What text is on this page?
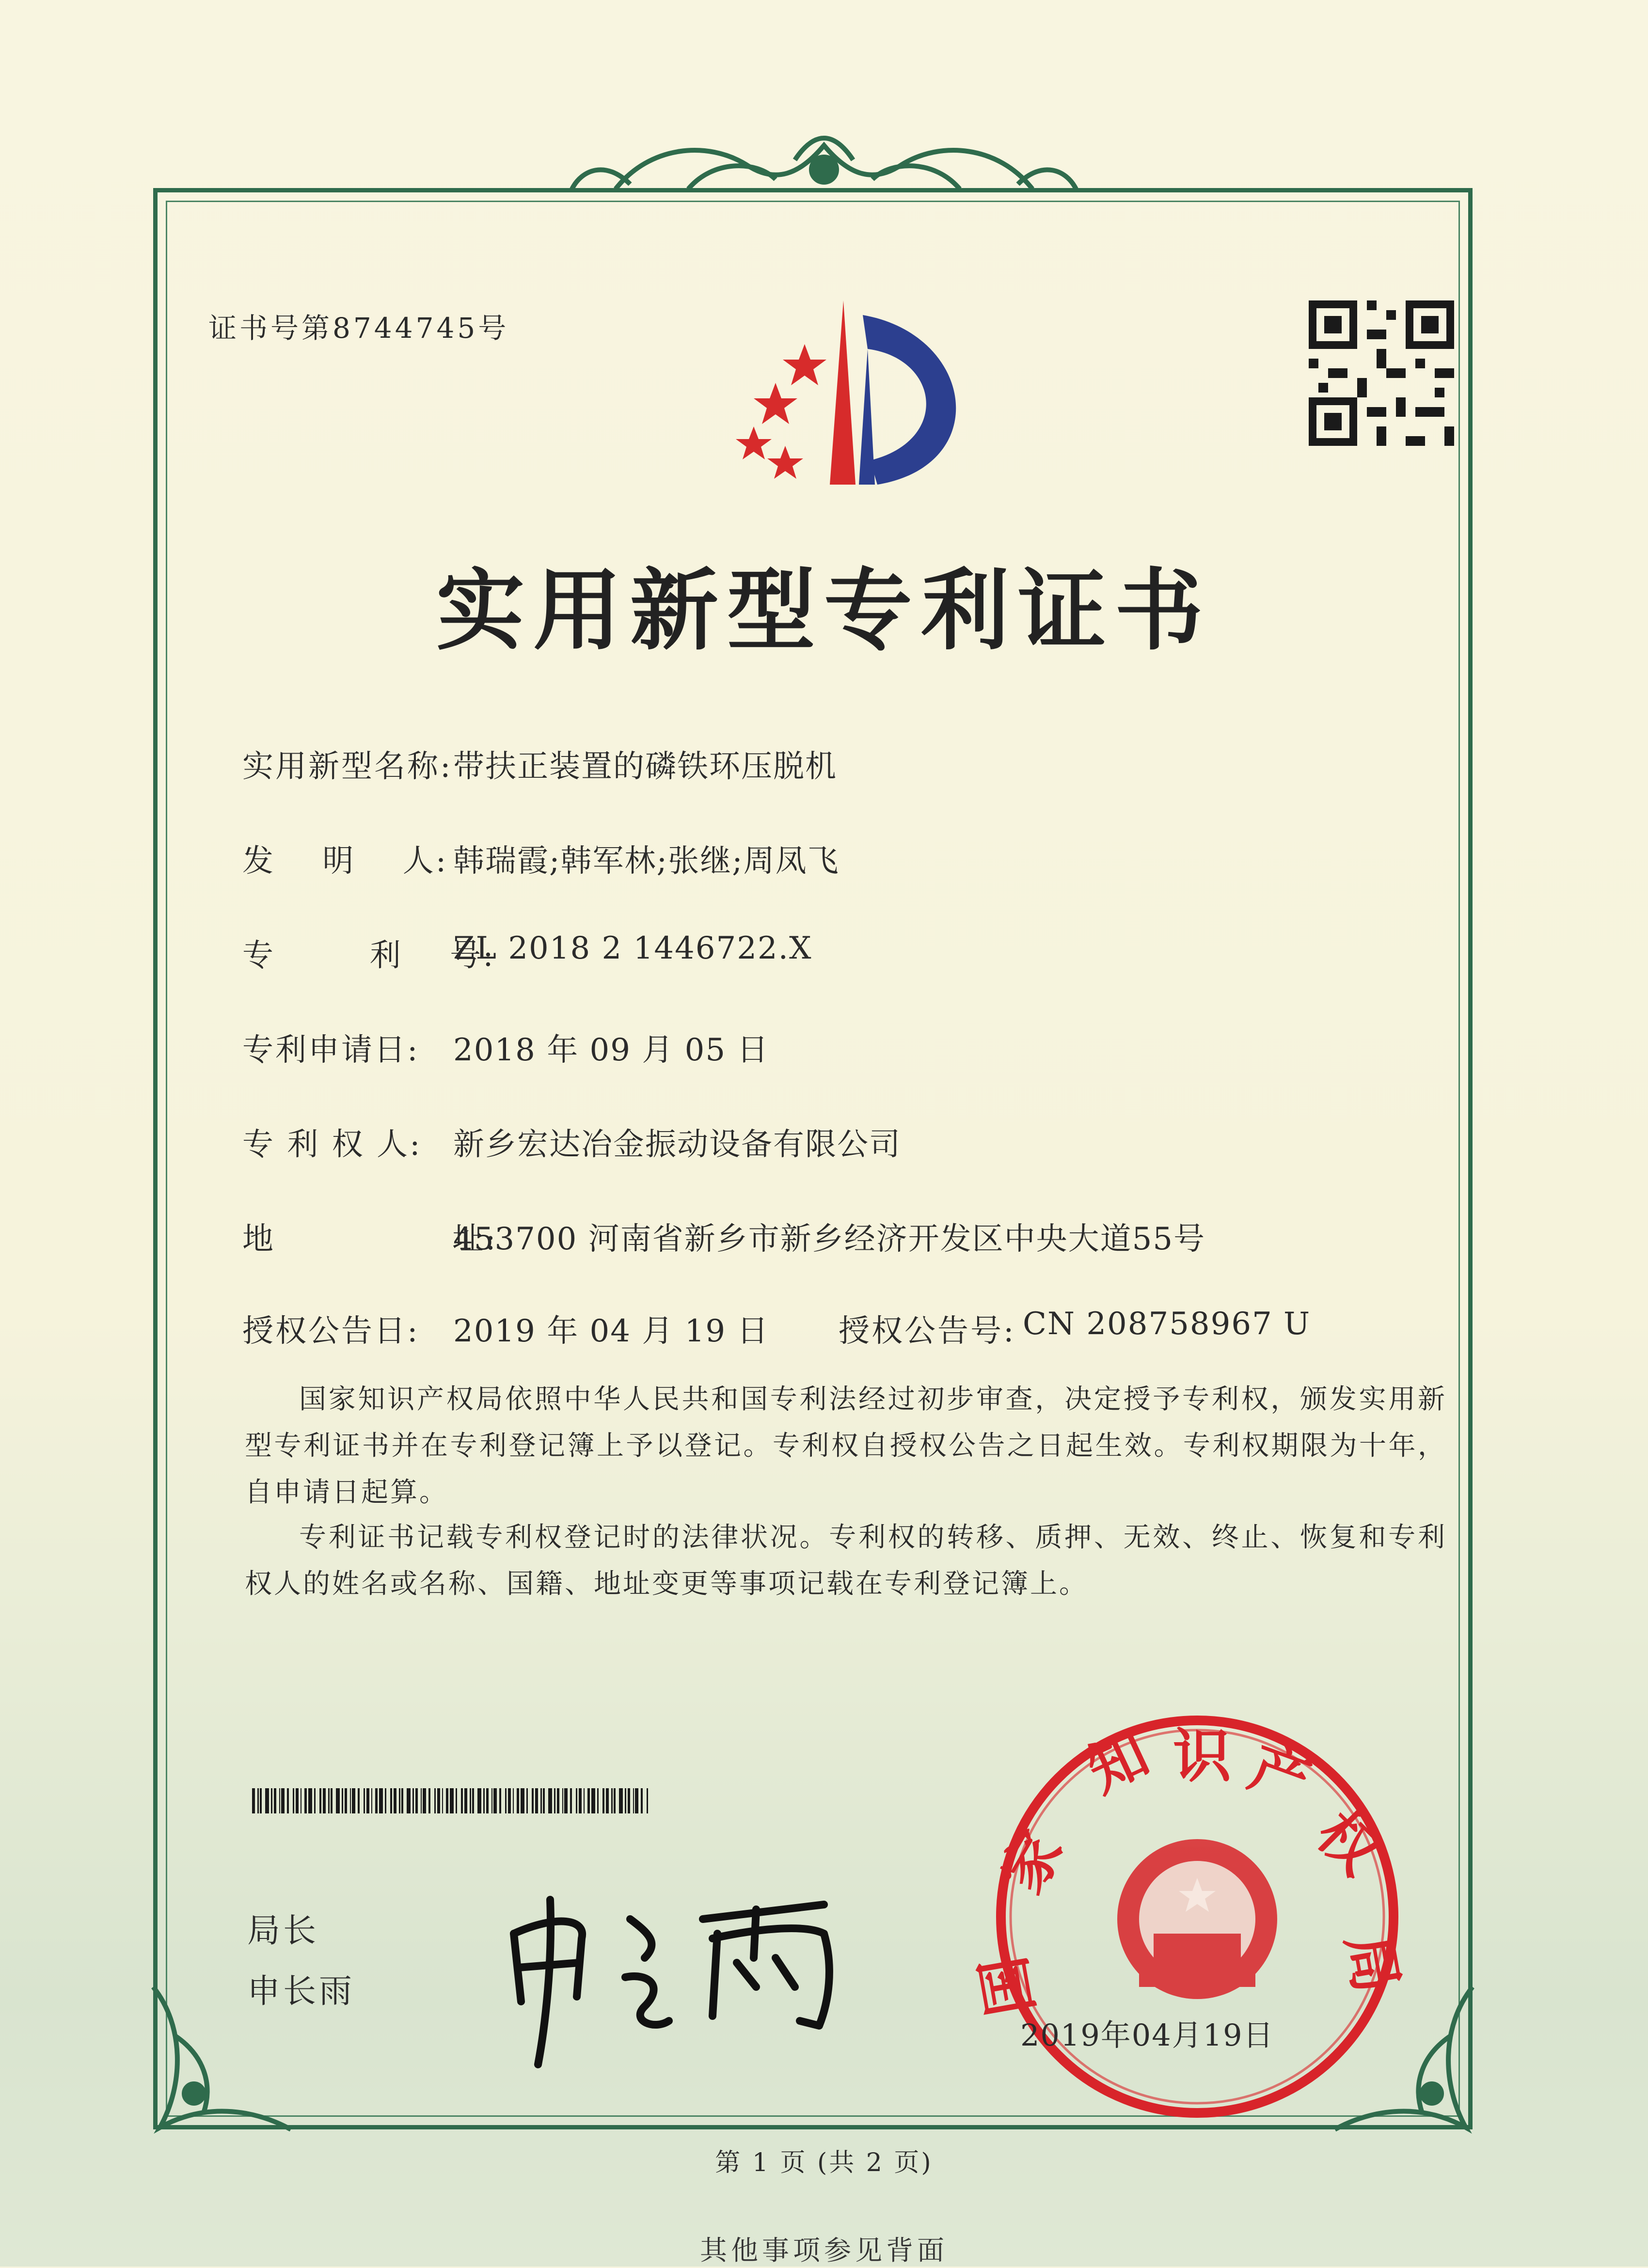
证书号第8744745号
实用新型专利证书
实用新型名称: 带扶正装置的磷铁环压脱机
发    明    人: 韩瑞霞;韩军林;张继;周凤飞
专        利    号:
ZL 2018 2 1446722.X
专利申请日: 2018 年 09 月 05 日
专 利 权 人: 新乡宏达冶金振动设备有限公司
地               址:
453700 河南省新乡市新乡经济开发区中央大道55号
授权公告日: 2019 年 04 月 19 日 授权公告号: CN 208758967 U
国家知识产权局依照中华人民共和国专利法经过初步审查，决定授予专利权，颁发实用新型专利证书并在专利登记簿上予以登记。专利权自授权公告之日起生效。专利权期限为十年，自申请日起算。
专利证书记载专利权登记时的法律状况。专利权的转移、质押、无效、终止、恢复和专利权人的姓名或名称、国籍、地址变更等事项记载在专利登记簿上。
局长
申长雨
家
知 识 产
权
局
国
2019年04月19日
第 1 页 (共 2 页)
其他事项参见背面
